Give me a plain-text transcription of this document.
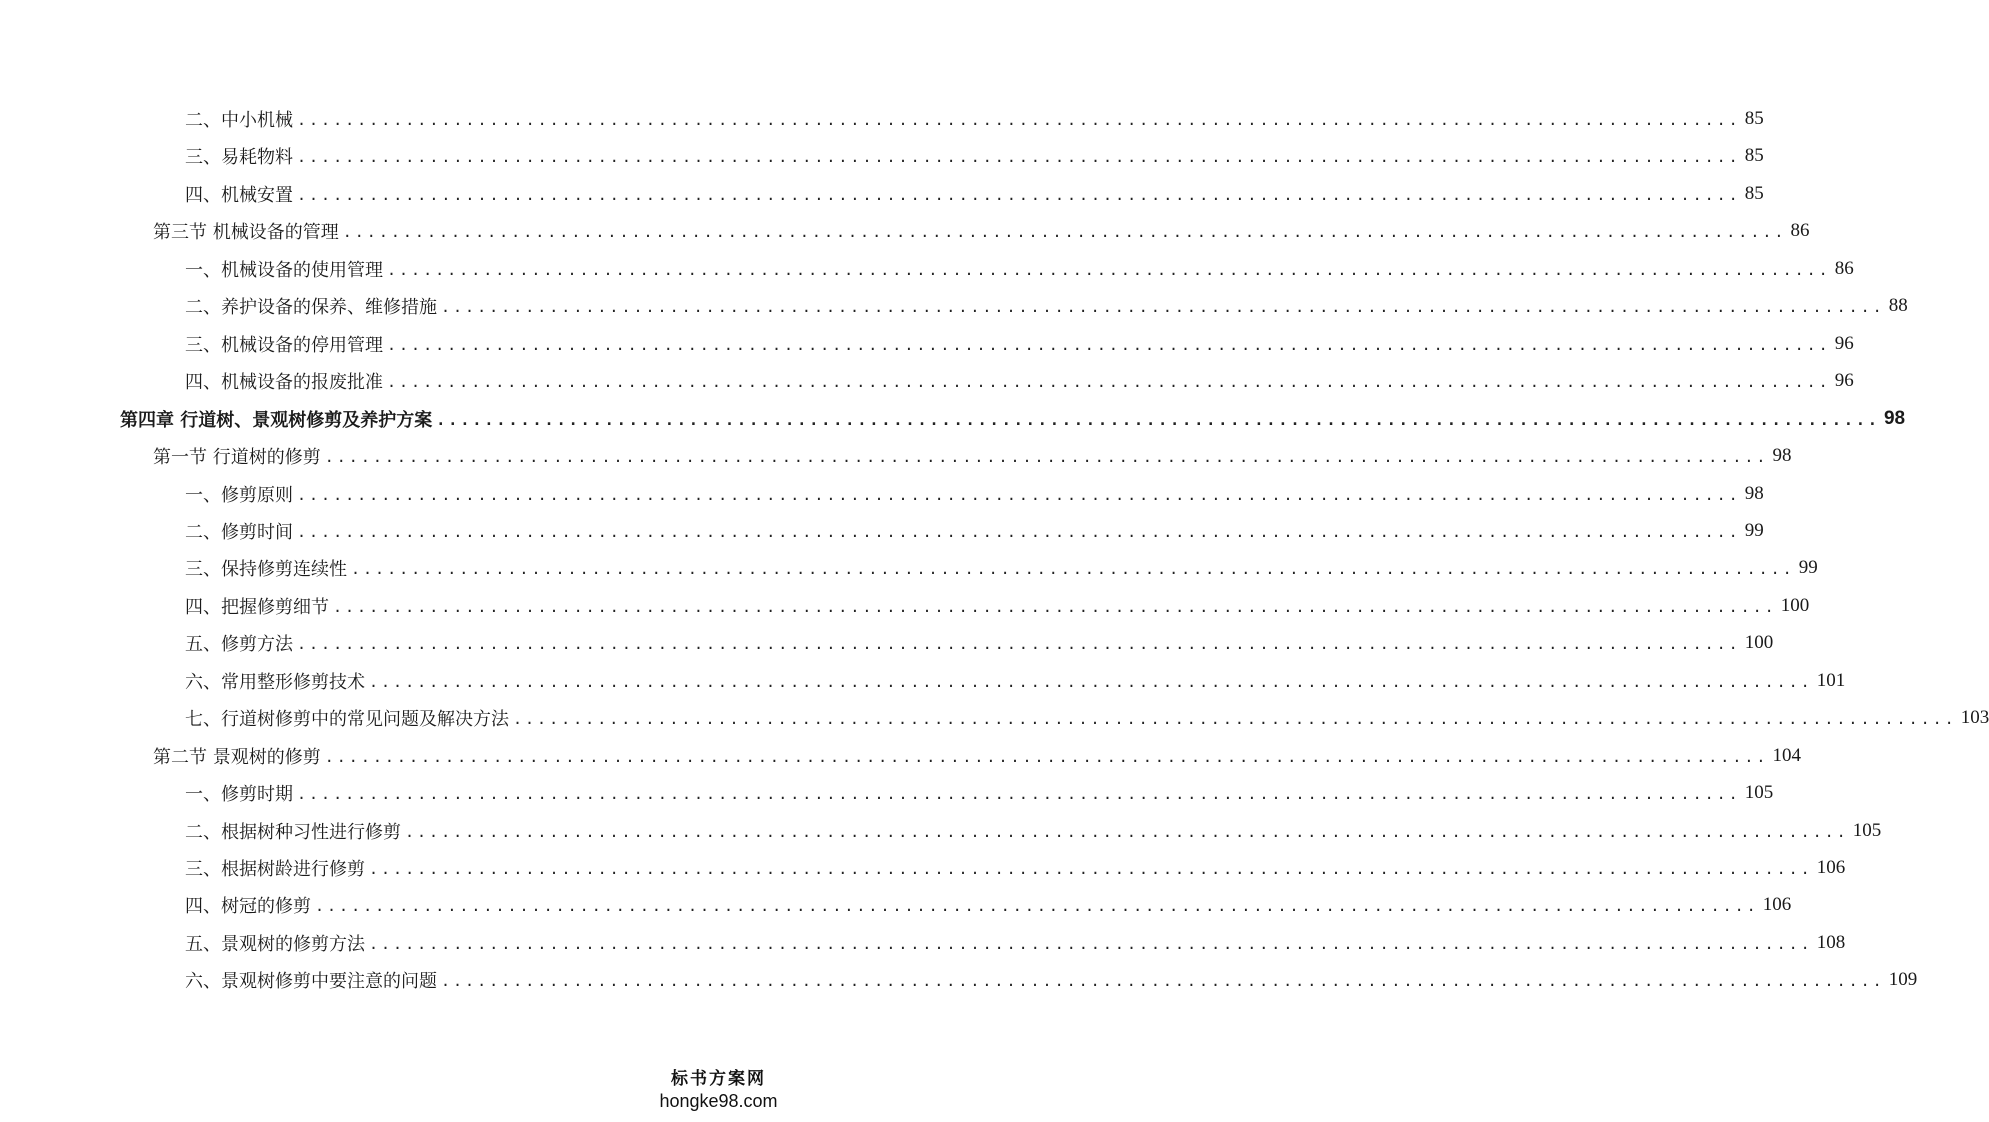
二、中小机械 ........................................................................................................................ 85
三、易耗物料 ........................................................................................................................ 85
四、机械安置 ........................................................................................................................ 85
第三节 机械设备的管理 ........................................................................................................................ 86
一、机械设备的使用管理 ........................................................................................................................ 86
二、养护设备的保养、维修措施 ........................................................................................................................ 88
三、机械设备的停用管理 ........................................................................................................................ 96
四、机械设备的报废批准 ........................................................................................................................ 96
第四章 行道树、景观树修剪及养护方案 ........................................................................................................................ 98
第一节 行道树的修剪 ........................................................................................................................ 98
一、修剪原则 ........................................................................................................................ 98
二、修剪时间 ........................................................................................................................ 99
三、保持修剪连续性 ........................................................................................................................ 99
四、把握修剪细节 ........................................................................................................................ 100
五、修剪方法 ........................................................................................................................ 100
六、常用整形修剪技术 ........................................................................................................................ 101
七、行道树修剪中的常见问题及解决方法 ........................................................................................................................ 103
第二节 景观树的修剪 ........................................................................................................................ 104
一、修剪时期 ........................................................................................................................ 105
二、根据树种习性进行修剪 ........................................................................................................................ 105
三、根据树龄进行修剪 ........................................................................................................................ 106
四、树冠的修剪 ........................................................................................................................ 106
五、景观树的修剪方法 ........................................................................................................................ 108
六、景观树修剪中要注意的问题 ........................................................................................................................ 109
标书方案网
hongke98.com
